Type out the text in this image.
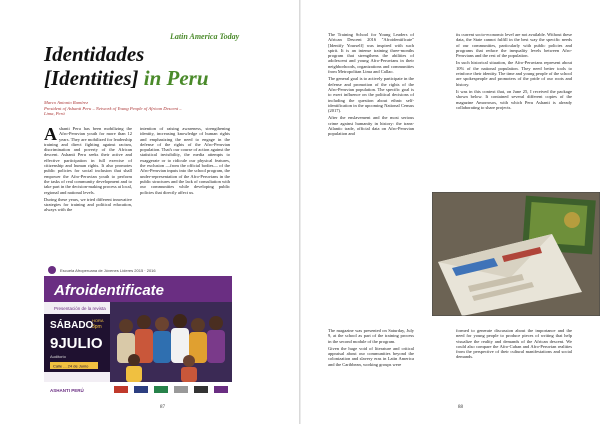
Latin America Today
Identidades
[Identities] in Peru
Marco Antonio Ramírez
President of Ashanti Peru – Network of Young People of African Descent –
Lima, Perú

Ashanti Peru has been mobilizing the Afro-Peruvian youth for more than 12 years. They are mobilized for leadership training and direct fighting against racism, discrimination and poverty of the African descent. Ashanti Peru seeks their active and effective participation in full exercise of citizenship and human rights. It also promotes public policies for social inclusion that shall empower the Afro-Peruvian youth to perform the tasks of real community development and to take part in the decision-making process at local, regional and national levels.

During these years, we tried different innovative strategies for training and political education, always with the

intention of raising awareness, strengthening identity, increasing knowledge of human rights and emphasizing the need to engage in the defense of the rights of the Afro-Peruvian population. That's our course of action against the statistical invisibility, the media attempts to exaggerate or to ridicule our physical features, the exclusion —from the official bodies— of the Afro-Peruvian inputs into the school program, the under-representation of the Afro-Peruvians in the public structures and the lack of consultation with our communities while developing public policies that directly affect us.

Escuela Afroperuana de Jóvenes Líderes 2015 · 2016
Afroidentificate
Presentación de la revista
SÁBADO
HORA
3pm
9JULIO
Auditorio
Calle ... 24 de Junio
ASHANTI PERÚ
87

The Training School for Young Leaders of African Descent 2016 "Afroidentifícate" [Identify Yourself] was inspired with such spirit. It is an intense training three-months program that strengthens the abilities of adolescent and young Afro-Peruvians in their neighborhoods, organizations and communities from Metropolitan Lima and Callao.

The general goal is to actively participate in the defense and promotion of the rights of the Afro-Peruvian population. The specific goal is to exert influence on the political decisions of including the question about ethnic self-identification in the upcoming National Census (2017).

After the enslavement and the most serious crime against humanity in history: the trans-Atlantic trade, official data on Afro-Peruvian population and

its current socio-economic level are not available. Without these data, the State cannot fulfill in the best way the specific needs of our communities, particularly with public policies and programs that reduce the inequality levels between Afro-Peruvians and the rest of the population.

In such historical situation, the Afro-Peruvians represent about 10% of the national population. They need better tools to reinforce their identity. The time and young people of the school are spokespeople and promoters of the pride of our roots and history.

It was in this context that, on June 25, I received the package shown below. It contained several different copies of the magazine Amorrosos, with which Peru Ashanti is already collaborating to share projects.

The magazine was presented on Saturday, July 9, at the school as part of the training process in the second module of the program.

Given the huge void of literature and critical appraisal about our communities beyond the colonization and slavery eras in Latin America and the Caribbean, working groups were

formed to generate discussion about the importance and the need for young people to produce pieces of writing that help visualize the reality and demands of the African descent. We could also compare the Afro-Cuban and Afro-Peruvian realities from the perspective of their cultural manifestations and social demands.

88
